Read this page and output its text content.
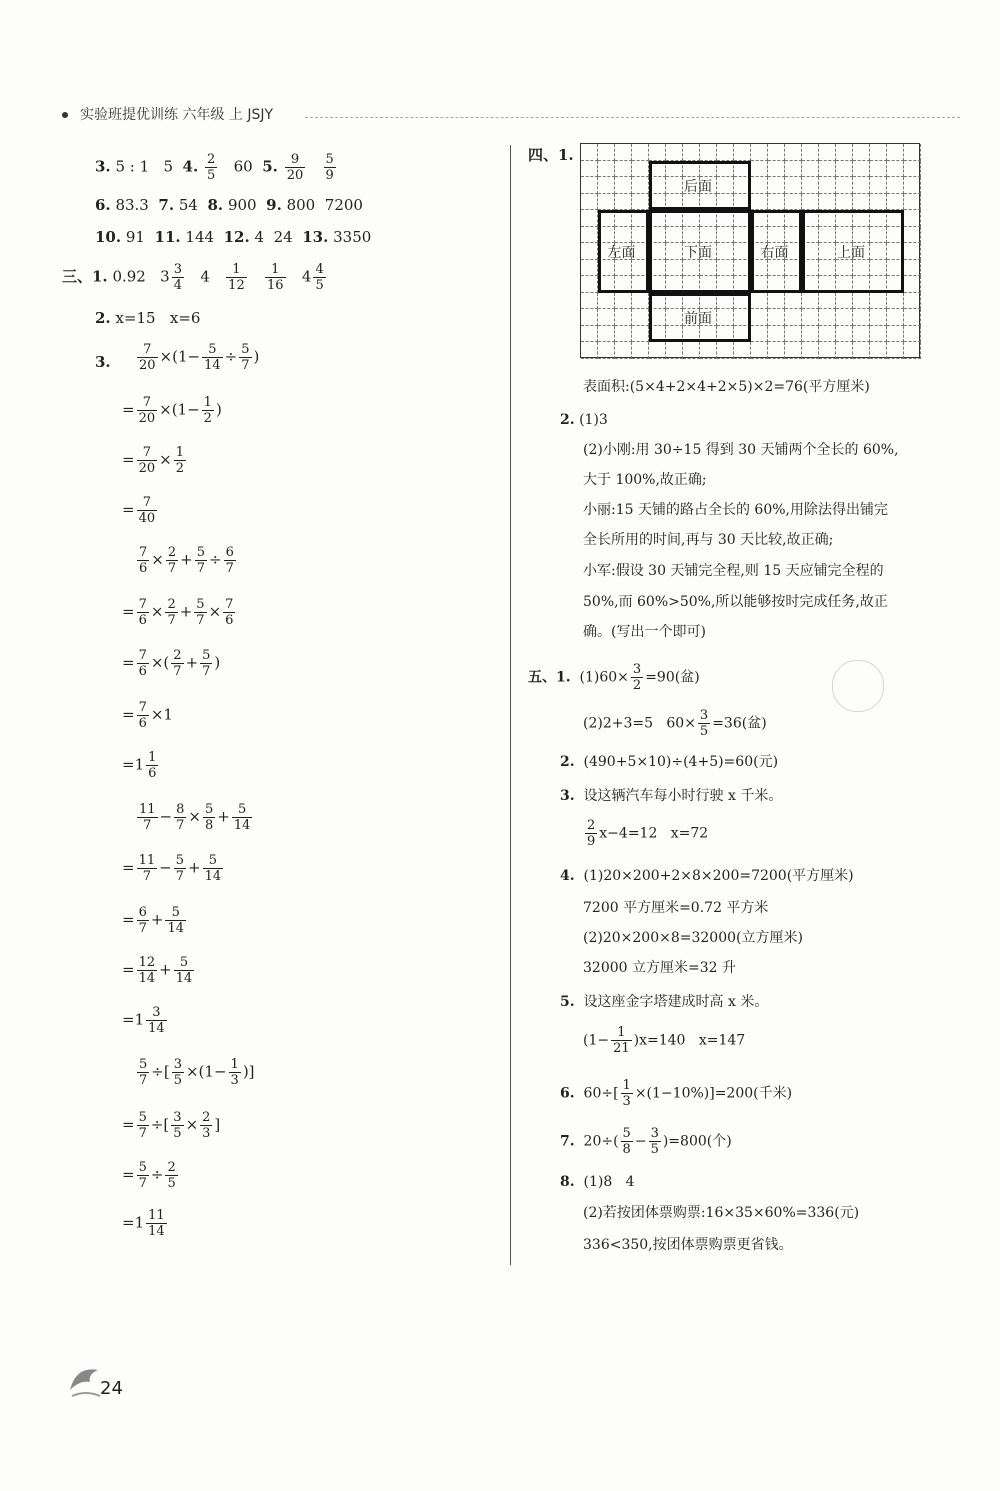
实验班提优训练 六年级 上 JSJY
3. 5 : 1 5 4. $\frac{2}{5} 60$ 5. $\frac{9}{20}$
$\frac{5}{9}$
6. 83.3 7. 54 8. 900 9. 800 7200
10. 91 11. 144 12. 4 24 13. 3350
三、1. 0.92 $3 \frac{3}{4} 4 \frac{1}{12}$
$\frac{1}{16} 4 \frac{4}{5}$
2. x=15 x=6
3. $\frac{7}{20} \times(1- \frac{5}{14} \div \frac{5}{7}$ )
= $\frac{7}{20} \times(1- \frac{1}{2}$ )
= $\frac{7}{20} \times \frac{1}{2}$
= $\frac{7}{40}$
$\frac{7}{6} \times \frac{2}{7} + \frac{5}{7} \div \frac{6}{7}$
= $\frac{7}{6} \times \frac{2}{7} + \frac{5}{7} \times \frac{7}{6}$
= $\frac{7}{6}$ ×( $\frac{2}{7} + \frac{5}{7}$ )
= $\frac{7}{6} \times 1$
$=1 \frac{1}{6}$
$\frac{11}{7} - \frac{8}{7} \times \frac{5}{8} + \frac{5}{14}$
= $\frac{11}{7} - \frac{5}{7} + \frac{5}{14}$
= $\frac{6}{7} + \frac{5}{14}$
= $\frac{12}{14} + \frac{5}{14}$
$=1 \frac{3}{14}$
$\frac{5}{7}$ ÷[ $\frac{3}{5} \times(1- \frac{1}{3}$ )]
= $\frac{5}{7}$ ÷[ $\frac{3}{5} \times \frac{2}{3}$ ]
= $\frac{5}{7} \div \frac{2}{5}$
$=1 \frac{11}{14}$
四、1.
后面
左面	下面	右面	上面
前面
表面积:(5×4+2×4+2×5)×2=76(平方厘米)
2. (1)3
(2)小刚:用 30÷15 得到 30 天铺两个全长的 60%,
大于 100%,故正确;
小丽:15 天铺的路占全长的 60%,用除法得出铺完
全长所用的时间,再与 30 天比较,故正确;
小军:假设 30 天铺完全程,则 15 天应铺完全程的
50%,而 60%>50%,所以能够按时完成任务,故正
确。(写出一个即可)
五、1. $(1)60\times \frac{3}{2} =90$(盆)
(2)2+3=5 $60\times \frac{3}{5} =36$(盆)
2. (490+5×10)÷(4+5)=60(元)
3. 设这辆汽车每小时行驶 x 千米。
$\frac{2}{9} x-4=12$ x=72
4. (1)20×200+2×8×200=7200(平方厘米)
7200 平方厘米=0.72 平方米
(2)20×200×8=32000(立方厘米)
32000 立方厘米=32 升
5. 设这座金字塔建成时高 x 米。
$(1- \frac{1}{21} )x=140$ x=147
6. $60\div[ \frac{1}{3} \times(1-10\%)]=200$(千米)
7. $20\div( \frac{5}{8} - \frac{3}{5} )=800$(个)
8. (1)8 4
(2)若按团体票购票:16×35×60%=336(元)
336<350,按团体票购票更省钱。
24
